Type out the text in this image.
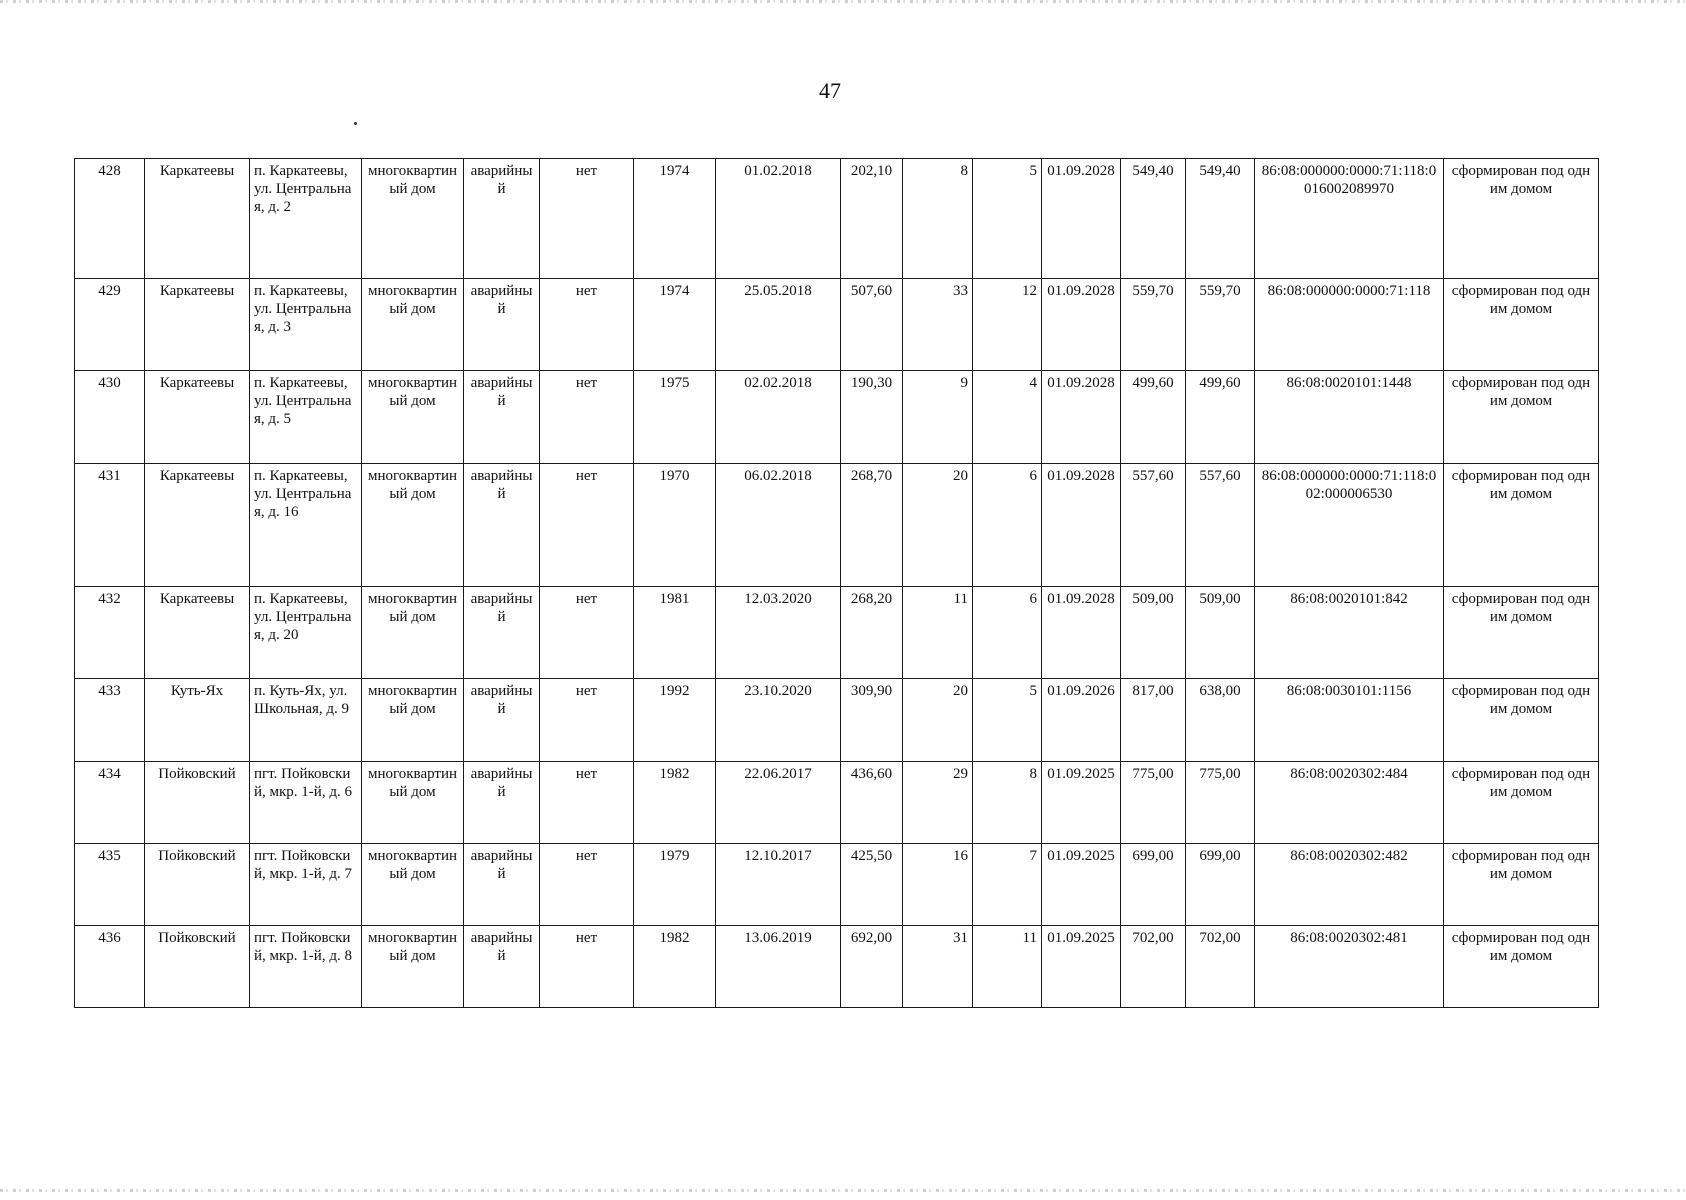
47
428	Каркатеевы	п. Каркатеевы, ул. Центральная, д. 2	многоквартиный дом	аварийный	нет	1974	01.02.2018	202,10	8	5	01.09.2028	549,40	549,40	86:08:000000:0000:71:118:0016002089970	сформирован под одним домом
429	Каркатеевы	п. Каркатеевы, ул. Центральная, д. 3	многоквартиный дом	аварийный	нет	1974	25.05.2018	507,60	33	12	01.09.2028	559,70	559,70	86:08:000000:0000:71:118	сформирован под одним домом
430	Каркатеевы	п. Каркатеевы, ул. Центральная, д. 5	многоквартиный дом	аварийный	нет	1975	02.02.2018	190,30	9	4	01.09.2028	499,60	499,60	86:08:0020101:1448	сформирован под одним домом
431	Каркатеевы	п. Каркатеевы, ул. Центральная, д. 16	многоквартиный дом	аварийный	нет	1970	06.02.2018	268,70	20	6	01.09.2028	557,60	557,60	86:08:000000:0000:71:118:002:000006530	сформирован под одним домом
432	Каркатеевы	п. Каркатеевы, ул. Центральная, д. 20	многоквартиный дом	аварийный	нет	1981	12.03.2020	268,20	11	6	01.09.2028	509,00	509,00	86:08:0020101:842	сформирован под одним домом
433	Куть-Ях	п. Куть-Ях, ул. Школьная, д. 9	многоквартиный дом	аварийный	нет	1992	23.10.2020	309,90	20	5	01.09.2026	817,00	638,00	86:08:0030101:1156	сформирован под одним домом
434	Пойковский	пгт. Пойковский, мкр. 1-й, д. 6	многоквартиный дом	аварийный	нет	1982	22.06.2017	436,60	29	8	01.09.2025	775,00	775,00	86:08:0020302:484	сформирован под одним домом
435	Пойковский	пгт. Пойковский, мкр. 1-й, д. 7	многоквартиный дом	аварийный	нет	1979	12.10.2017	425,50	16	7	01.09.2025	699,00	699,00	86:08:0020302:482	сформирован под одним домом
436	Пойковский	пгт. Пойковский, мкр. 1-й, д. 8	многоквартиный дом	аварийный	нет	1982	13.06.2019	692,00	31	11	01.09.2025	702,00	702,00	86:08:0020302:481	сформирован под одним домом
